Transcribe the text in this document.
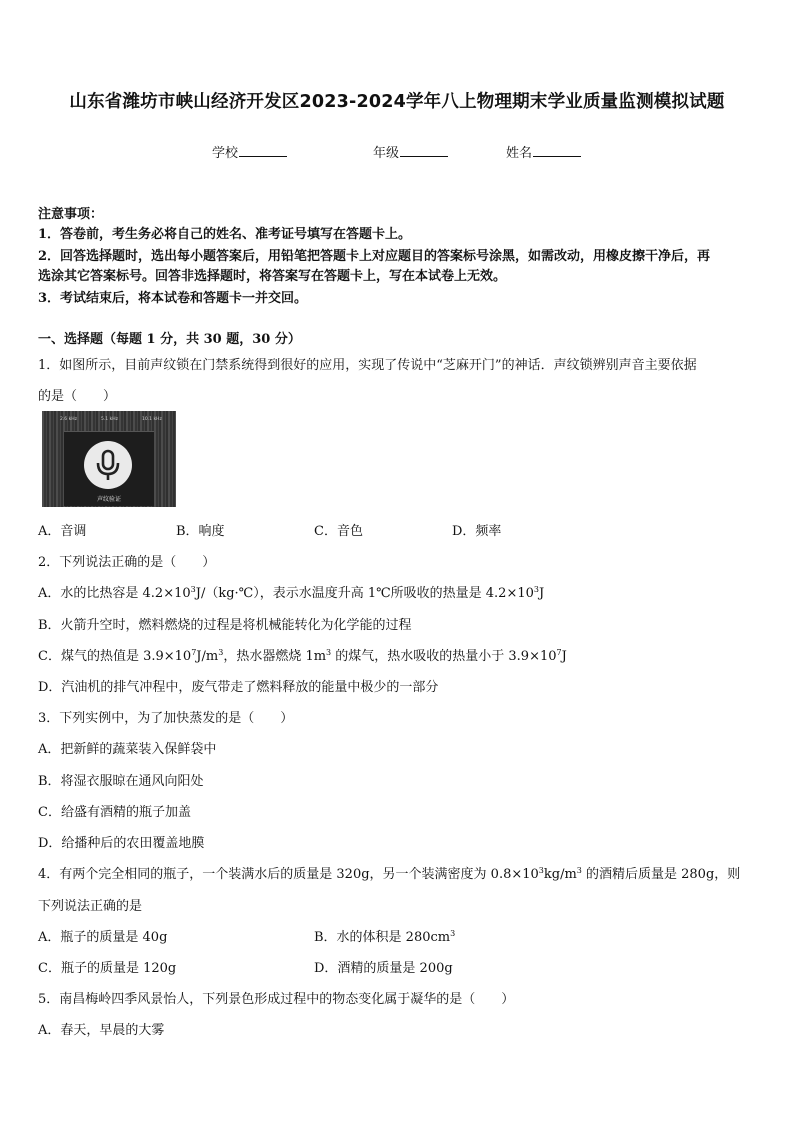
山东省潍坊市峡山经济开发区2023-2024学年八上物理期末学业质量监测模拟试题
学校	年级	姓名
注意事项：
1．答卷前，考生务必将自己的姓名、准考证号填写在答题卡上。
2．回答选择题时，选出每小题答案后，用铅笔把答题卡上对应题目的答案标号涂黑，如需改动，用橡皮擦干净后，再
选涂其它答案标号。回答非选择题时，将答案写在答题卡上，写在本试卷上无效。
3．考试结束后，将本试卷和答题卡一并交回。
一、选择题（每题 1 分，共 30 题，30 分）
1．如图所示，目前声纹锁在门禁系统得到很好的应用，实现了传说中“芝麻开门”的神话．声纹锁辨别声音主要依据
的是（　　）
2.6 kHz	5.1 kHz	10.1 kHz
声纹验证
A．音调	B．响度	C．音色	D．频率
2．下列说法正确的是（　　）
A．水的比热容是 $4.2\times 10^3J/(kg\cdot℃)$，表示水温度升高 1℃所吸收的热量是 $4.2\times 10^3J$
B．火箭升空时，燃料燃烧的过程是将机械能转化为化学能的过程
C．煤气的热值是 $3.9\times 10^7J/m^3$，热水器燃烧 $1m^3$ 的煤气，热水吸收的热量小于 $3.9\times 10^7J$
D．汽油机的排气冲程中，废气带走了燃料释放的能量中极少的一部分
3．下列实例中，为了加快蒸发的是（　　）
A．把新鲜的蔬菜装入保鲜袋中
B．将湿衣服晾在通风向阳处
C．给盛有酒精的瓶子加盖
D．给播种后的农田覆盖地膜
4．有两个完全相同的瓶子，一个装满水后的质量是 320g，另一个装满密度为 $0.8\times 10^3kg/m^3$ 的酒精后质量是 280g，则
下列说法正确的是
A．瓶子的质量是 40g	B．水的体积是 $280cm^3$
C．瓶子的质量是 120g	D．酒精的质量是 200g
5．南昌梅岭四季风景怡人，下列景色形成过程中的物态变化属于凝华的是（　　）
A．春天，早晨的大雾
